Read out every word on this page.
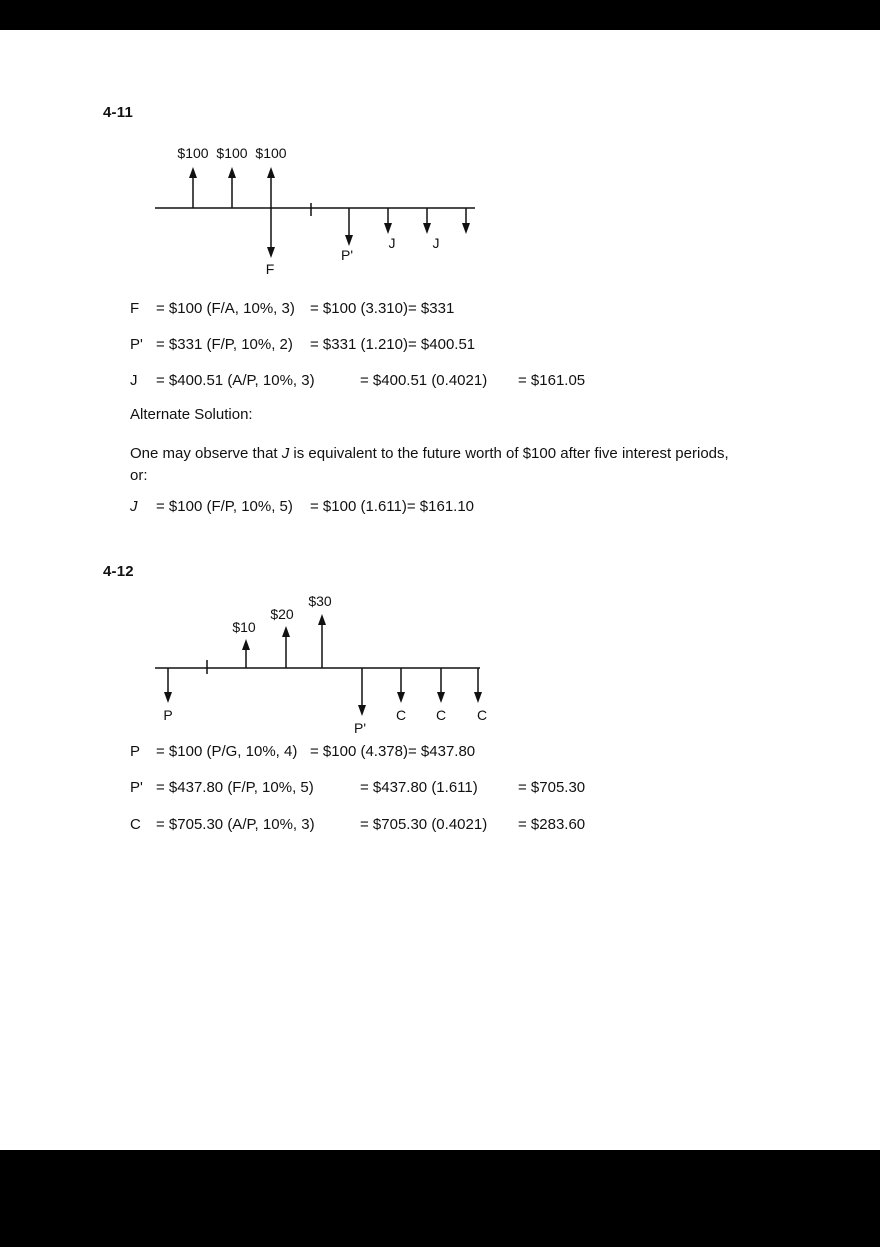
4-11
$100 $100 $100
F
P'
J	J
F = $100 (F/A, 10%, 3) = $100 (3.310)= $331
P' = $331 (F/P, 10%, 2) = $331 (1.210)= $400.51
J = $400.51 (A/P, 10%, 3)	= $400.51 (0.4021) = $161.05
Alternate Solution:
One may observe that J is equivalent to the future worth of $100 after five interest periods,
or:
J = $100 (F/P, 10%, 5) = $100 (1.611)= $161.10
4-12
$10
$20
$30
P
P'
C C C
P = $100 (P/G, 10%, 4) = $100 (4.378)= $437.80
P' = $437.80 (F/P, 10%, 5)	= $437.80 (1.611)	= $705.30
C = $705.30 (A/P, 10%, 3)	= $705.30 (0.4021) = $283.60
